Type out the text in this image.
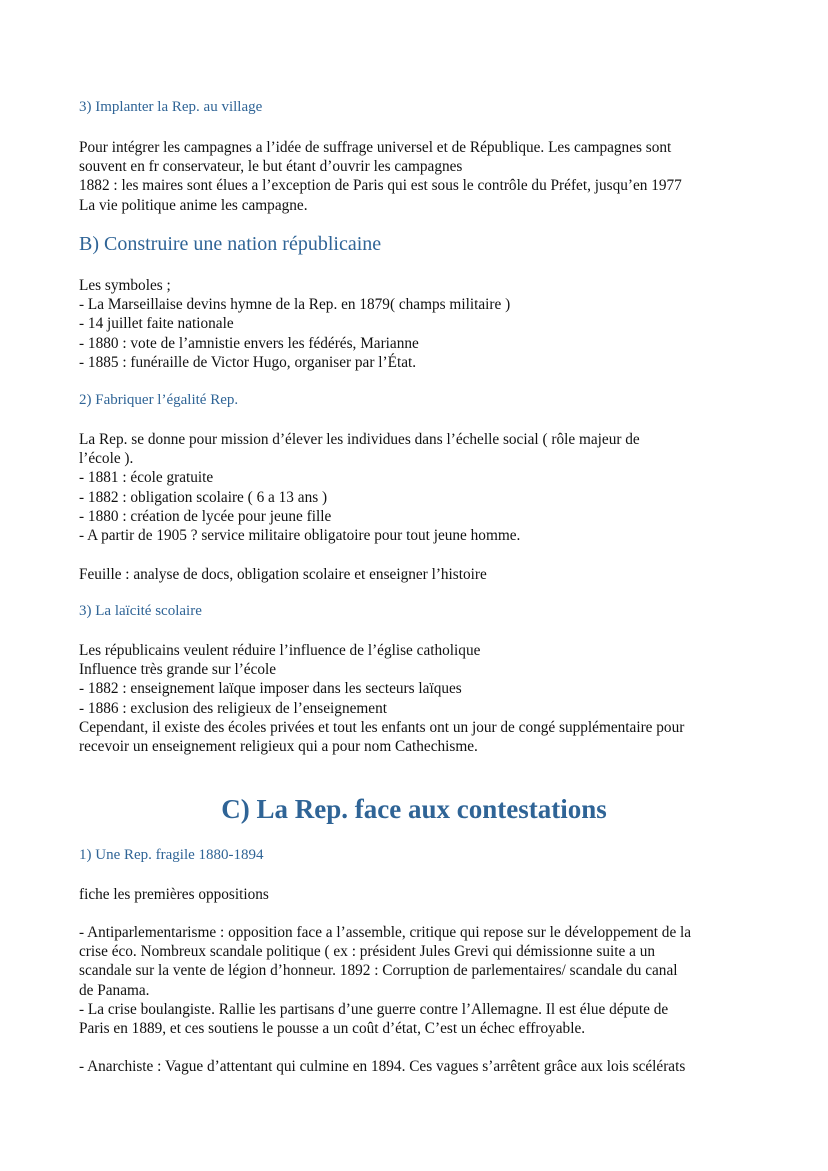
3) Implanter la Rep. au village
Pour intégrer les campagnes a l’idée de suffrage universel et de République. Les campagnes sont
souvent en fr conservateur, le but étant d’ouvrir les campagnes
1882 : les maires sont élues a l’exception de Paris qui est sous le contrôle du Préfet, jusqu’en 1977
La vie politique anime les campagne.
B) Construire une nation républicaine
Les symboles ;
- La Marseillaise devins hymne de la Rep. en 1879( champs militaire )
- 14 juillet faite nationale
- 1880 : vote de l’amnistie envers les fédérés, Marianne
- 1885 : funéraille de Victor Hugo, organiser par l’État.
2) Fabriquer l’égalité Rep.
La Rep. se donne pour mission d’élever les individues dans l’échelle social ( rôle majeur de
l’école ).
- 1881 : école gratuite
- 1882 : obligation scolaire ( 6 a 13 ans )
- 1880 : création de lycée pour jeune fille
- A partir de 1905 ? service militaire obligatoire pour tout jeune homme.
Feuille : analyse de docs, obligation scolaire et enseigner l’histoire
3) La laïcité scolaire
Les républicains veulent réduire l’influence de l’église catholique
Influence très grande sur l’école
- 1882 : enseignement laïque imposer dans les secteurs laïques
- 1886 : exclusion des religieux de l’enseignement
Cependant, il existe des écoles privées et tout les enfants ont un jour de congé supplémentaire pour
recevoir un enseignement religieux qui a pour nom Cathechisme.
C) La Rep. face aux contestations
1) Une Rep. fragile 1880-1894
fiche les premières oppositions
- Antiparlementarisme : opposition face a l’assemble, critique qui repose sur le développement de la
crise éco. Nombreux scandale politique ( ex : président Jules Grevi qui démissionne suite a un
scandale sur la vente de légion d’honneur. 1892 : Corruption de parlementaires/ scandale du canal
de Panama.
- La crise boulangiste. Rallie les partisans d’une guerre contre l’Allemagne. Il est élue députe de
Paris en 1889, et ces soutiens le pousse a un coût d’état, C’est un échec effroyable.
- Anarchiste : Vague d’attentant qui culmine en 1894. Ces vagues s’arrêtent grâce aux lois scélérats
